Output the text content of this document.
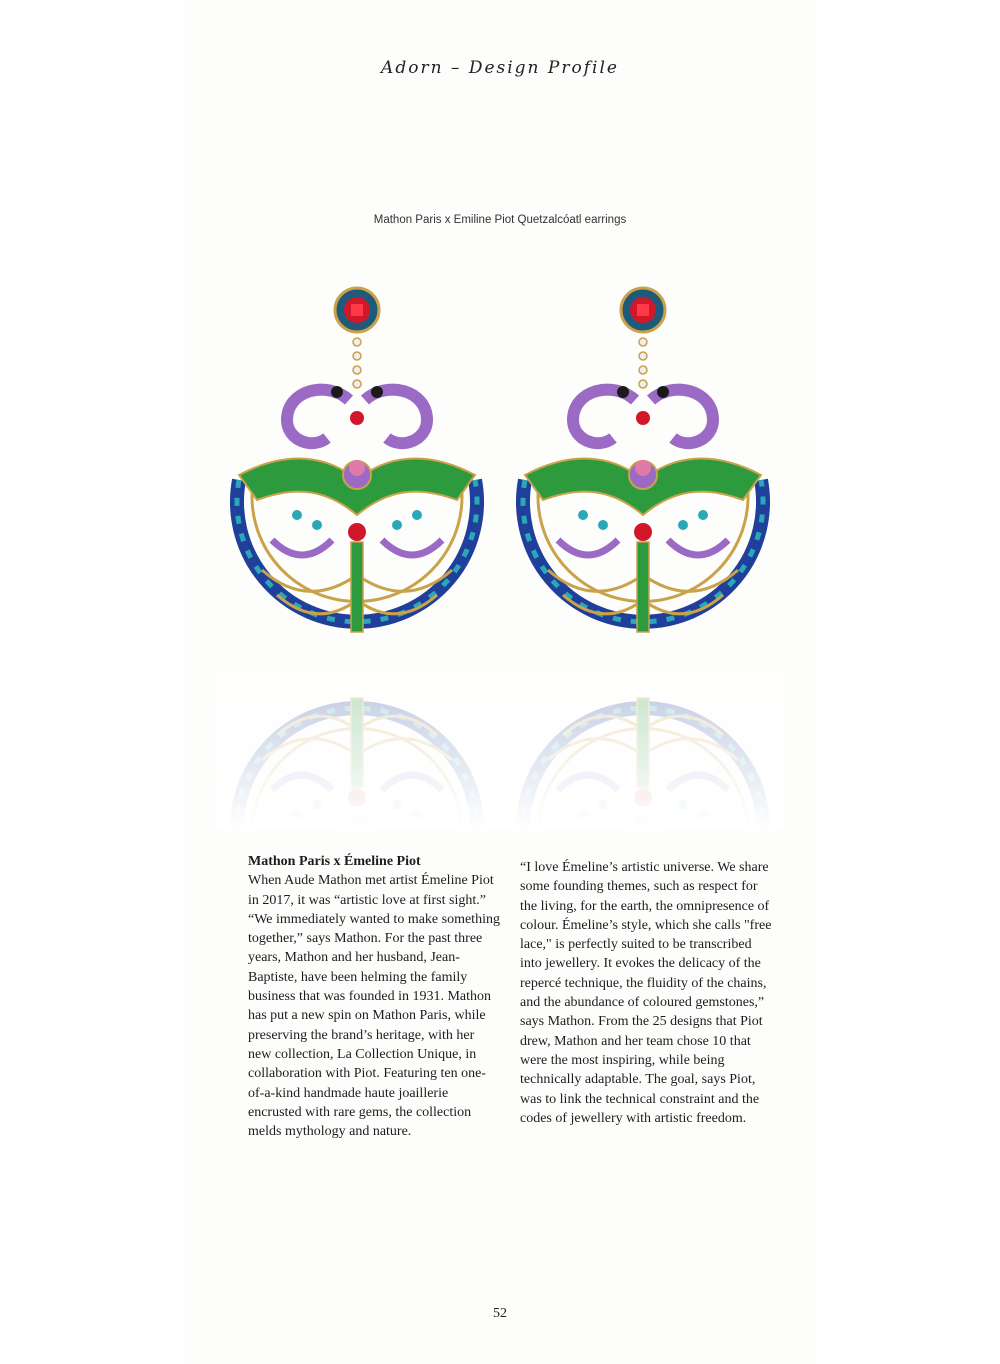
Adorn – Design Profile
Mathon Paris x Emiline Piot Quetzalcóatl earrings
Mathon Paris x Émeline Piot

When Aude Mathon met artist Émeline Piot in 2017, it was “artistic love at first sight.” “We immediately wanted to make something together,” says Mathon. For the past three years, Mathon and her husband, Jean-Baptiste, have been helming the family business that was founded in 1931. Mathon has put a new spin on Mathon Paris, while preserving the brand’s heritage, with her new collection, La Collection Unique, in collaboration with Piot. Featuring ten one-of-a-kind handmade haute joaillerie encrusted with rare gems, the collection melds mythology and nature.

“I love Émeline’s artistic universe. We share some founding themes, such as respect for the living, for the earth, the omnipresence of colour. Émeline’s style, which she calls "free lace," is perfectly suited to be transcribed into jewellery. It evokes the delicacy of the repercé technique, the fluidity of the chains, and the abundance of coloured gemstones,” says Mathon. From the 25 designs that Piot drew, Mathon and her team chose 10 that were the most inspiring, while being technically adaptable. The goal, says Piot, was to link the technical constraint and the codes of jewellery with artistic freedom.

52
